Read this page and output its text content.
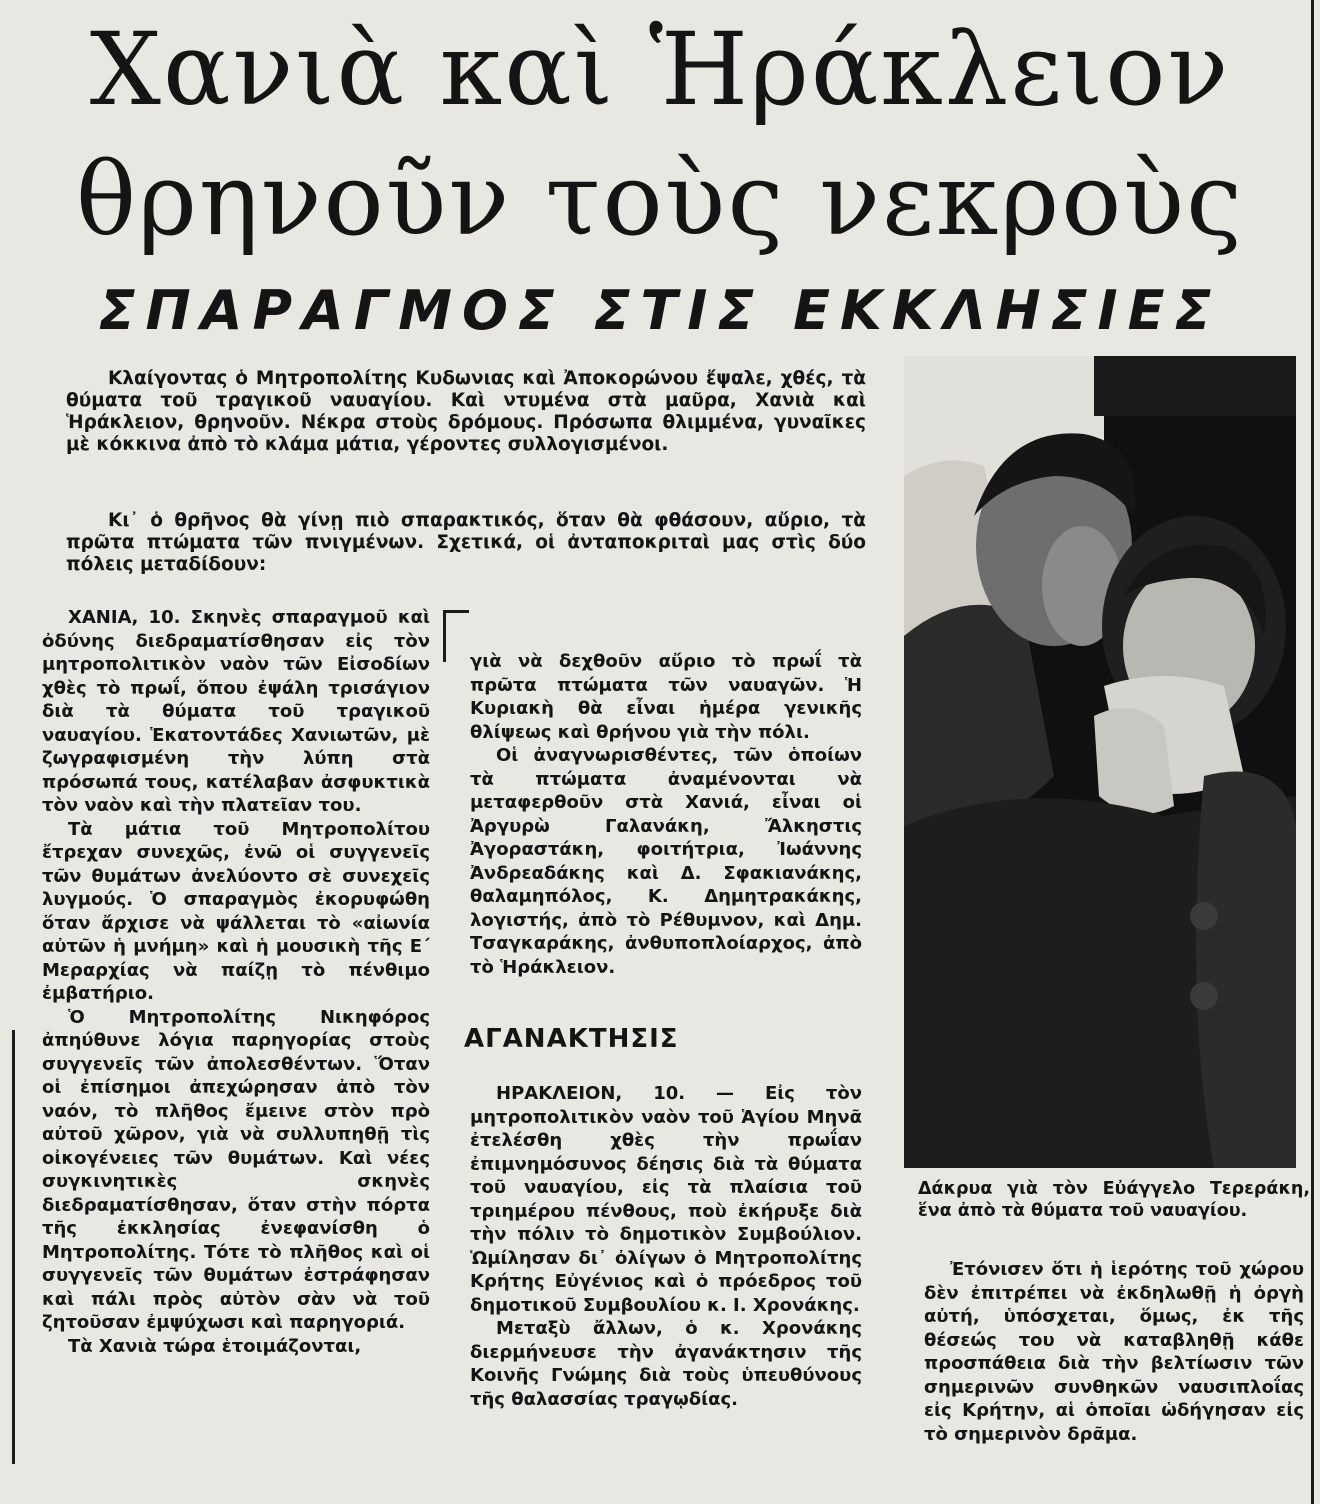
Χανιὰ καὶ Ἡράκλειον
θρηνοῦν τοὺς νεκροὺς
ΣΠΑΡΑΓΜΟΣ ΣΤΙΣ ΕΚΚΛΗΣΙΕΣ

Κλαίγοντας ὁ Μητροπολίτης Κυδωνιας καὶ Ἀποκορώνου ἔψαλε, χθές, τὰ θύματα τοῦ τραγικοῦ ναυαγίου. Καὶ ντυμένα στὰ μαῦρα, Χανιὰ καὶ Ἡράκλειον, θρηνοῦν. Νέκρα στοὺς δρόμους. Πρόσωπα θλιμμένα, γυναῖκες μὲ κόκκινα ἀπὸ τὸ κλάμα μάτια, γέροντες συλλογισμένοι.

Κι᾿ ὁ θρῆνος θὰ γίνῃ πιὸ σπαρακτικός, ὅταν θὰ φθάσουν, αὔριο, τὰ πρῶτα πτώματα τῶν πνιγμένων. Σχετικά, οἱ ἀνταποκριταὶ μας στὶς δύο πόλεις μεταδίδουν:

ΧΑΝΙΑ, 10. Σκηνὲς σπαραγμοῦ καὶ ὀδύνης διεδραματίσθησαν εἰς τὸν μητροπολιτικὸν ναὸν τῶν Εἰσοδίων χθὲς τὸ πρωΐ, ὅπου ἐψάλη τρισάγιον διὰ τὰ θύματα τοῦ τραγικοῦ ναυαγίου. Ἑκατοντάδες Χανιωτῶν, μὲ ζωγραφισμένη τὴν λύπη στὰ πρόσωπά τους, κατέλαβαν ἀσφυκτικὰ τὸν ναὸν καὶ τὴν πλατεῖαν του.

Τὰ μάτια τοῦ Μητροπολίτου ἔτρεχαν συνεχῶς, ἐνῶ οἱ συγγενεῖς τῶν θυμάτων ἀνελύοντο σὲ συνεχεῖς λυγμούς. Ὁ σπαραγμὸς ἐκορυφώθη ὅταν ἄρχισε νὰ ψάλλεται τὸ «αἰωνία αὐτῶν ἡ μνήμη» καὶ ἡ μουσικὴ τῆς Ε΄ Μεραρχίας νὰ παίζῃ τὸ πένθιμο ἐμβατήριο.

Ὁ Μητροπολίτης Νικηφόρος ἀπηύθυνε λόγια παρηγορίας στοὺς συγγενεῖς τῶν ἀπολεσθέντων. Ὅταν οἱ ἐπίσημοι ἀπεχώρησαν ἀπὸ τὸν ναόν, τὸ πλῆθος ἔμεινε στὸν πρὸ αὐτοῦ χῶρον, γιὰ νὰ συλλυπηθῇ τὶς οἰκογένειες τῶν θυμάτων. Καὶ νέες συγκινητικὲς σκηνὲς διεδραματίσθησαν, ὅταν στὴν πόρτα τῆς ἐκκλησίας ἐνεφανίσθη ὁ Μητροπολίτης. Τότε τὸ πλῆθος καὶ οἱ συγγενεῖς τῶν θυμάτων ἐστράφησαν καὶ πάλι πρὸς αὐτὸν σὰν νὰ τοῦ ζητοῦσαν ἐμψύχωσι καὶ παρηγοριά.

Τὰ Χανιὰ τώρα ἑτοιμάζονται,

γιὰ νὰ δεχθοῦν αὔριο τὸ πρωΐ τὰ πρῶτα πτώματα τῶν ναυαγῶν. Ἡ Κυριακὴ θὰ εἶναι ἡμέρα γενικῆς θλίψεως καὶ θρήνου γιὰ τὴν πόλι.

Οἱ ἀναγνωρισθέντες, τῶν ὁποίων τὰ πτώματα ἀναμένονται νὰ μεταφερθοῦν στὰ Χανιά, εἶναι οἱ Ἀργυρὼ Γαλανάκη, Ἄλκηστις Ἀγοραστάκη, φοιτήτρια, Ἰωάννης Ἀνδρεαδάκης καὶ Δ. Σφακιανάκης, θαλαμηπόλος, Κ. Δημητρακάκης, λογιστής, ἀπὸ τὸ Ρέθυμνον, καὶ Δημ. Τσαγκαράκης, ἀνθυποπλοίαρχος, ἀπὸ τὸ Ἡράκλειον.

ΑΓΑΝΑΚΤΗΣΙΣ

ΗΡΑΚΛΕΙΟΝ, 10. — Εἰς τὸν μητροπολιτικὸν ναὸν τοῦ Ἁγίου Μηνᾶ ἐτελέσθη χθὲς τὴν πρωΐαν ἐπιμνημόσυνος δέησις διὰ τὰ θύματα τοῦ ναυαγίου, εἰς τὰ πλαίσια τοῦ τριημέρου πένθους, ποὺ ἐκήρυξε διὰ τὴν πόλιν τὸ δημοτικὸν Συμβούλιον. Ὡμίλησαν δι᾿ ὀλίγων ὁ Μητροπολίτης Κρήτης Εὐγένιος καὶ ὁ πρόεδρος τοῦ δημοτικοῦ Συμβουλίου κ. Ι. Χρονάκης.

Μεταξὺ ἄλλων, ὁ κ. Χρονάκης διερμήνευσε τὴν ἀγανάκτησιν τῆς Κοινῆς Γνώμης διὰ τοὺς ὑπευθύνους τῆς θαλασσίας τραγῳδίας.

Δάκρυα γιὰ τὸν Εὐάγγελο Τερεράκη, ἕνα ἀπὸ τὰ θύματα τοῦ ναυαγίου.

Ἐτόνισεν ὅτι ἡ ἱερότης τοῦ χώρου δὲν ἐπιτρέπει νὰ ἐκδηλωθῇ ἡ ὀργὴ αὐτή, ὑπόσχεται, ὅμως, ἐκ τῆς θέσεώς του νὰ καταβληθῇ κάθε προσπάθεια διὰ τὴν βελτίωσιν τῶν σημερινῶν συνθηκῶν ναυσιπλοΐας εἰς Κρήτην, αἱ ὁποῖαι ὡδήγησαν εἰς τὸ σημερινὸν δρᾶμα.
